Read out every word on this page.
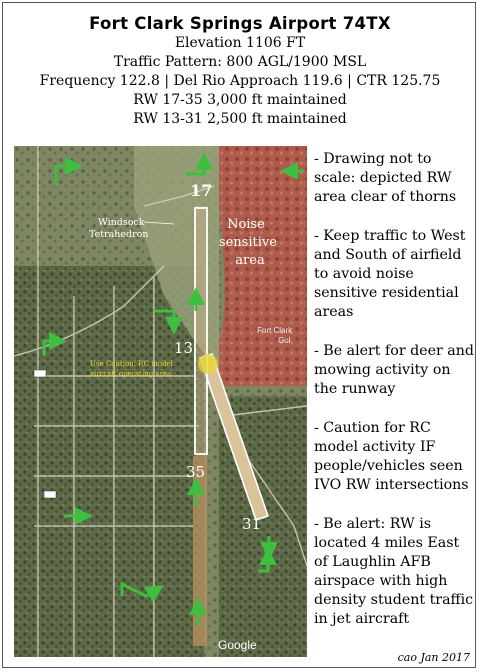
Fort Clark Springs Airport 74TX
Elevation 1106 FT
Traffic Pattern: 800 AGL/1900 MSL
Frequency 122.8 | Del Rio Approach 119.6 | CTR 125.75
RW 17-35 3,000 ft maintained
RW 13-31 2,500 ft maintained
17
13
35
31
Windsock Tetrahedron
Noise sensitive area
Use Caution: RC model aircraft operating area
Fort Clark Gol
Google
- Drawing not to scale: depicted RW area clear of thorns
- Keep traffic to West and South of airfield to avoid noise sensitive residential areas
- Be alert for deer and mowing activity on the runway
- Caution for RC model activity IF people/vehicles seen IVO RW intersections
- Be alert: RW is located 4 miles East of Laughlin AFB airspace with high density student traffic in jet aircraft
cao Jan 2017
